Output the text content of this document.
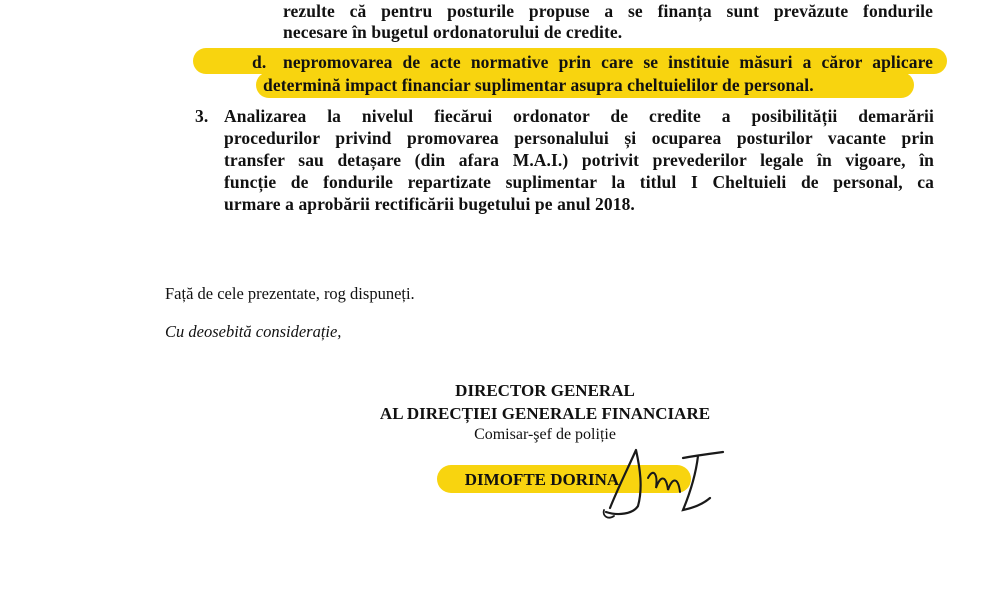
rezulte că pentru posturile propuse a se finanța sunt prevăzute fondurile
necesare în bugetul ordonatorului de credite.
d. nepromovarea de acte normative prin care se instituie măsuri a căror aplicare
determină impact financiar suplimentar asupra cheltuielilor de personal.
3. Analizarea la nivelul fiecărui ordonator de credite a posibilității demarării
procedurilor privind promovarea personalului și ocuparea posturilor vacante prin
transfer sau detașare (din afara M.A.I.) potrivit prevederilor legale în vigoare, în
funcție de fondurile repartizate suplimentar la titlul I Cheltuieli de personal, ca
urmare a aprobării rectificării bugetului pe anul 2018.
Față de cele prezentate, rog dispuneți.
Cu deosebită considerație,
DIRECTOR GENERAL
AL DIRECȚIEI GENERALE FINANCIARE
Comisar-şef de poliție
DIMOFTE DORINA
